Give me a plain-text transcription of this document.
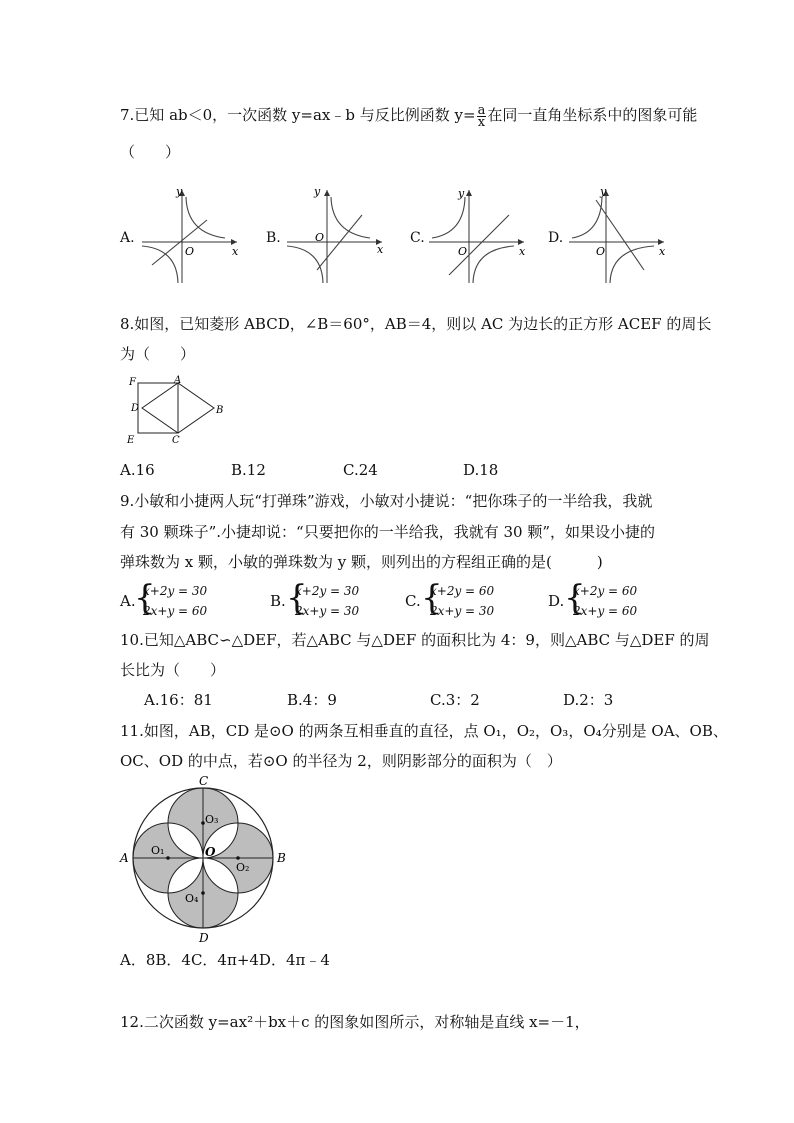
7.已知 ab＜0，一次函数 y=ax﹣b 与反比例函数 $y= \frac{a}{x}$ 在同一直角坐标系中的图象可能
（　　）
A.
y
x
O
B.
y
x
O	C.
y
x
O
D.
y
x
O
8.如图，已知菱形 ABCD，∠B＝60°，AB＝4，则以 AC 为边长的正方形 ACEF 的周长
为（　　）
F	A
D	B
E	C
A.16	B.12	C.24	D.18
9.小敏和小捷两人玩“打弹珠”游戏，小敏对小捷说：“把你珠子的一半给我，我就
有 30 颗珠子”.小捷却说：“只要把你的一半给我，我就有 30 颗”，如果设小捷的
弹珠数为 x 颗，小敏的弹珠数为 y 颗，则列出的方程组正确的是(　　　)
A.
{
x+2y = 30
2x+y = 60
B. {
x+2y = 30
2x+y = 30
C. {
x+2y = 60
2x+y = 30
D. {
x+2y = 60
2x+y = 60
10.已知△ABC∽△DEF，若△ABC 与△DEF 的面积比为 4：9，则△ABC 与△DEF 的周
长比为（　　）
A.16：81	B.4：9	C.3：2	D.2：3
11.如图，AB，CD 是⊙O 的两条互相垂直的直径，点 O₁，O₂，O₃，O₄分别是 OA、OB、
OC、OD 的中点，若⊙O 的半径为 2，则阴影部分的面积为（　）
C
D
A	B
O
O₁
O₂
O₃
O₄
A．8B．4C．4π+4D．4π﹣4
12.二次函数 y=ax²＋bx＋c 的图象如图所示，对称轴是直线 x=－1，
